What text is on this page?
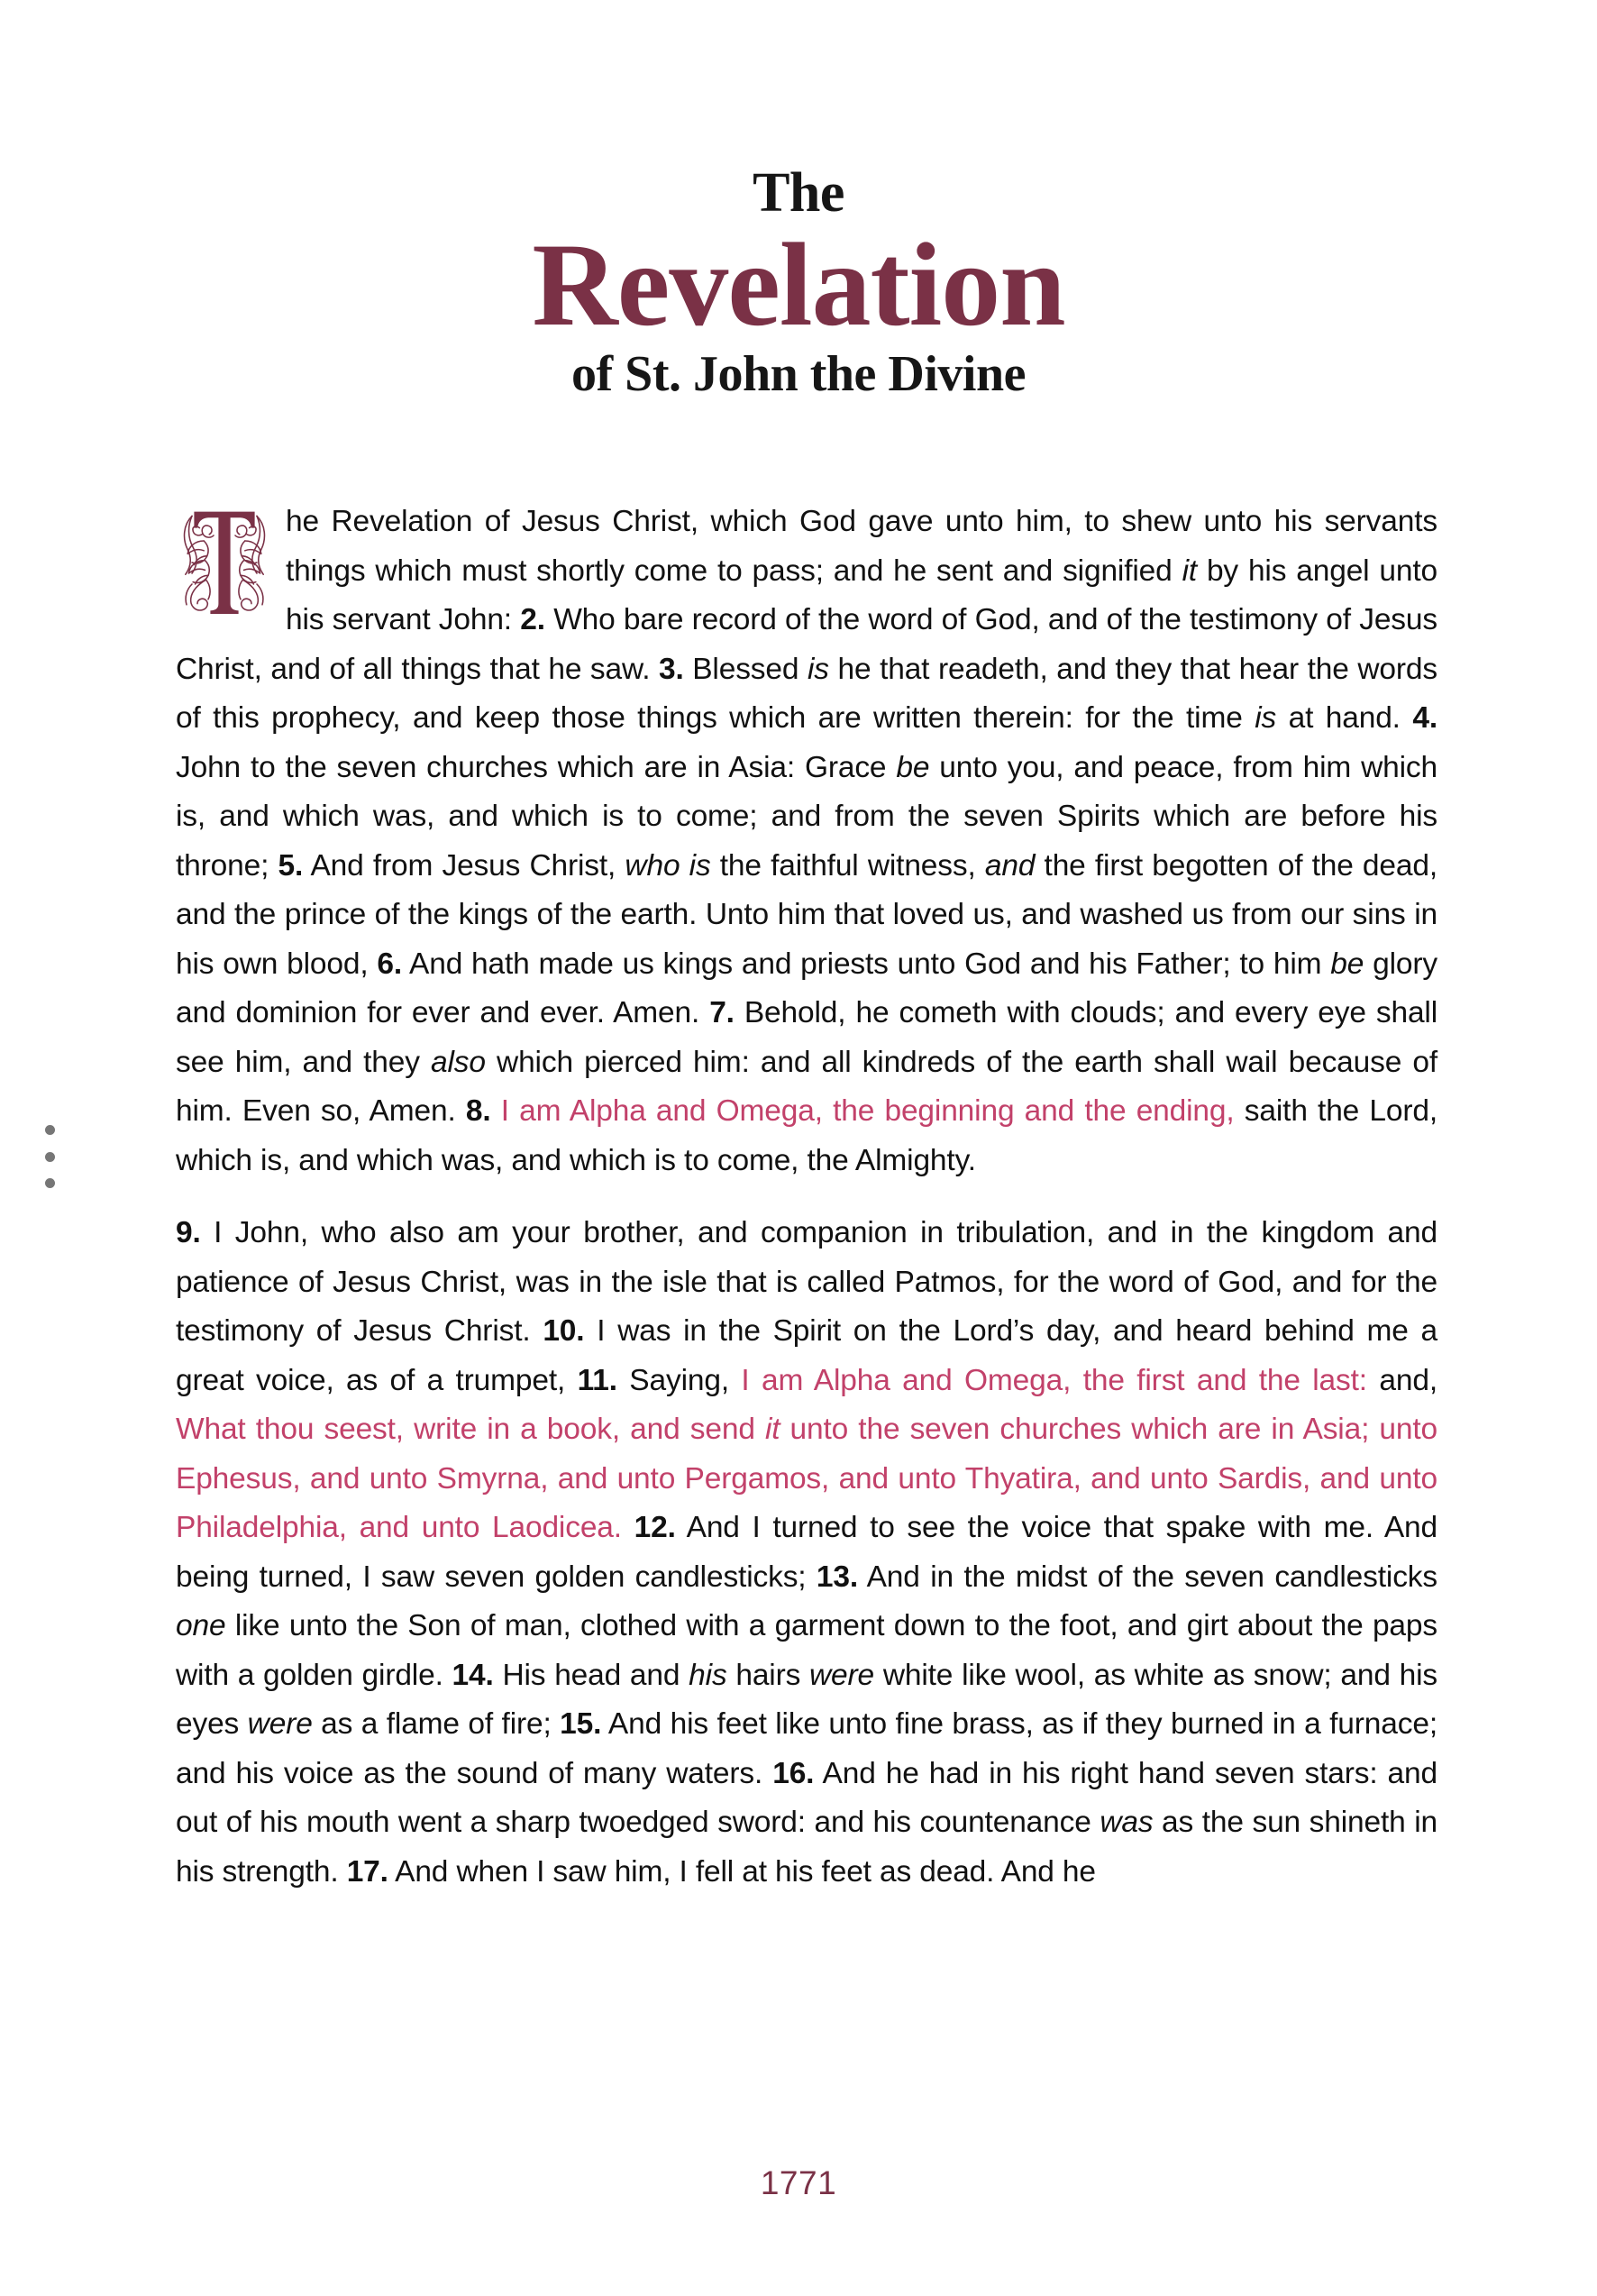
The
Revelation
of St. John the Divine

he Revelation of Jesus Christ, which God gave unto him, to shew unto his servants things which must shortly come to pass; and he sent and signified it by his angel unto his servant John: 2. Who bare record of the word of God, and of the testimony of Jesus Christ, and of all things that he saw. 3. Blessed is he that readeth, and they that hear the words of this prophecy, and keep those things which are written therein: for the time is at hand. 4. John to the seven churches which are in Asia: Grace be unto you, and peace, from him which is, and which was, and which is to come; and from the seven Spirits which are before his throne; 5. And from Jesus Christ, who is the faithful witness, and the first begotten of the dead, and the prince of the kings of the earth. Unto him that loved us, and washed us from our sins in his own blood, 6. And hath made us kings and priests unto God and his Father; to him be glory and dominion for ever and ever. Amen. 7. Behold, he cometh with clouds; and every eye shall see him, and they also which pierced him: and all kindreds of the earth shall wail because of him. Even so, Amen. 8. I am Alpha and Omega, the beginning and the ending, saith the Lord, which is, and which was, and which is to come, the Almighty.

9. I John, who also am your brother, and companion in tribulation, and in the kingdom and patience of Jesus Christ, was in the isle that is called Patmos, for the word of God, and for the testimony of Jesus Christ. 10. I was in the Spirit on the Lord’s day, and heard behind me a great voice, as of a trumpet, 11. Saying, I am Alpha and Omega, the first and the last: and, What thou seest, write in a book, and send it unto the seven churches which are in Asia; unto Ephesus, and unto Smyrna, and unto Pergamos, and unto Thyatira, and unto Sardis, and unto Philadelphia, and unto Laodicea. 12. And I turned to see the voice that spake with me. And being turned, I saw seven golden candlesticks; 13. And in the midst of the seven candlesticks one like unto the Son of man, clothed with a garment down to the foot, and girt about the paps with a golden girdle. 14. His head and his hairs were white like wool, as white as snow; and his eyes were as a flame of fire; 15. And his feet like unto fine brass, as if they burned in a furnace; and his voice as the sound of many waters. 16. And he had in his right hand seven stars: and out of his mouth went a sharp twoedged sword: and his countenance was as the sun shineth in his strength. 17. And when I saw him, I fell at his feet as dead. And he

1771
